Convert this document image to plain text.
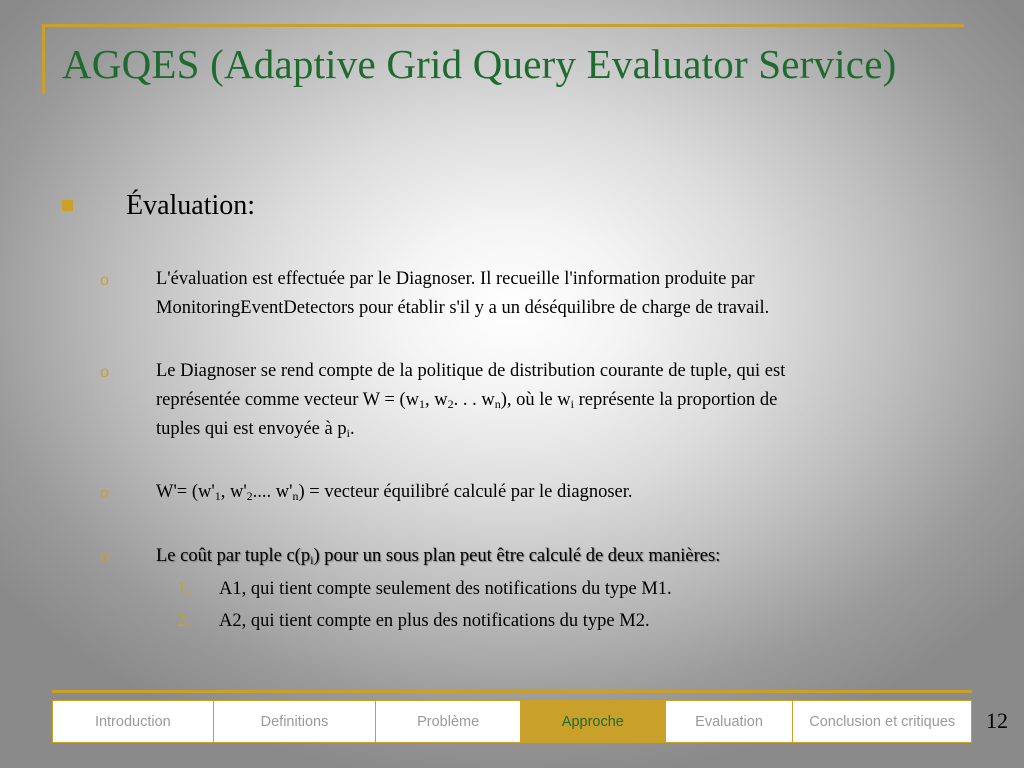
AGQES (Adaptive Grid Query Evaluator Service)
Évaluation:
o	L'évaluation est effectuée par le Diagnoser. Il recueille l'information produite par
MonitoringEventDetectors pour établir s'il y a un déséquilibre de charge de travail.
o	Le Diagnoser se rend compte de la politique de distribution courante de tuple, qui est
représentée comme vecteur $W = (w_1$, $w_2$. . . $w_n$), où le $w_i$ représente la proportion de
tuples qui est envoyée à $p_i$.
o	$W'= (w'_1$, $w'_2$.... $w'_n$) = vecteur équilibré calculé par le diagnoser.
o	Le coût par tuple $c(p_i)$ pour un sous plan peut être calculé de deux manières:
1. A1, qui tient compte seulement des notifications du type M1.
2. A2, qui tient compte en plus des notifications du type M2.
Introduction	Definitions	Problème	Approche	Evaluation	Conclusion et critiques	12
